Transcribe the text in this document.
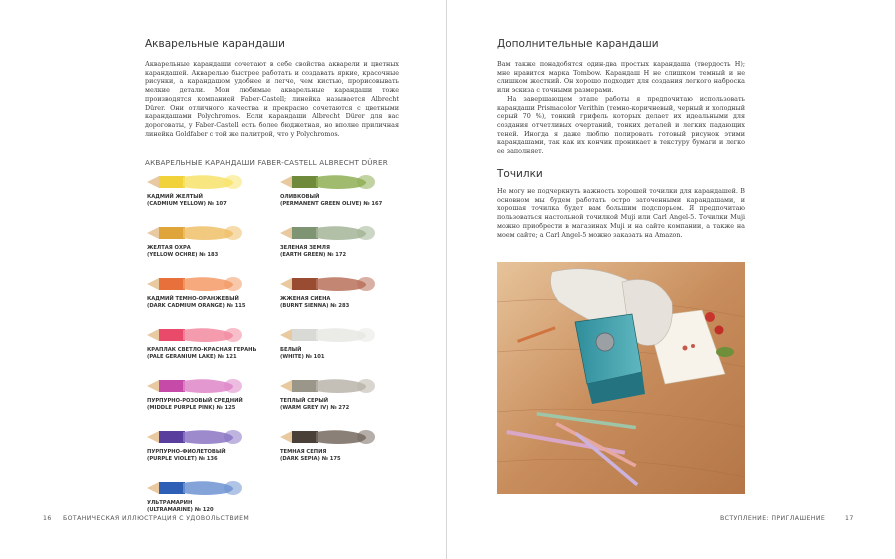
Акварельные карандаши

Акварельные карандаши сочетают в себе свойства акварели и цветных карандашей. Акварелью быстрее работать и создавать яркие, красочные рисунки, а карандашом удобнее и легче, чем кистью, прорисовывать мелкие детали. Мои любимые акварельные карандаши тоже производятся компанией Faber-Castell; линейка называется Albrecht Dürer. Они отличного качества и прекрасно сочетаются с цветными карандашами Polychromos. Если карандаши Albrecht Dürer для вас дороговаты, у Faber-Castell есть более бюджетная, но вполне приличная линейка Goldfaber с той же палитрой, что у Polychromos.

АКВАРЕЛЬНЫЕ КАРАНДАШИ FABER-CASTELL ALBRECHT DÜRER
КАДМИЙ ЖЕЛТЫЙ
(CADMIUM YELLOW) № 107
ОЛИВКОВЫЙ
(PERMANENT GREEN OLIVE) № 167
ЖЕЛТАЯ ОХРА
(YELLOW OCHRE) № 183
ЗЕЛЕНАЯ ЗЕМЛЯ
(EARTH GREEN) № 172
КАДМИЙ ТЕМНО-ОРАНЖЕВЫЙ
(DARK CADMIUM ORANGE) № 115
ЖЖЕНАЯ СИЕНА
(BURNT SIENNA) № 283
КРАПЛАК СВЕТЛО-КРАСНАЯ ГЕРАНЬ
(PALE GERANIUM LAKE) № 121
БЕЛЫЙ
(WHITE) № 101
ПУРПУРНО-РОЗОВЫЙ СРЕДНИЙ
(MIDDLE PURPLE PINK) № 125
ТЕПЛЫЙ СЕРЫЙ
(WARM GREY IV) № 272
ПУРПУРНО-ФИОЛЕТОВЫЙ
(PURPLE VIOLET) № 136
ТЕМНАЯ СЕПИЯ
(DARK SEPIA) № 175
УЛЬТРАМАРИН
(ULTRAMARINE) № 120
16 БОТАНИЧЕСКАЯ ИЛЛЮСТРАЦИЯ С УДОВОЛЬСТВИЕМ
Дополнительные карандаши

Вам также понадобятся один-два простых карандаша (твердость H); мне нравится марка Tombow. Карандаш H не слишком темный и не слишком жесткий. Он хорошо подходит для создания легкого наброска или эскиза с точными размерами.

На завершающем этапе работы я предпочитаю использовать карандаши Prismacolor Verithin (темно-коричневый, черный и холодный серый 70 %), тонкий грифель которых делает их идеальными для создания отчетливых очертаний, тонких деталей и легких падающих теней. Иногда я даже люблю полировать готовый рисунок этими карандашами, так как их кончик проникает в текстуру бумаги и легко ее заполняет.

Точилки

Не могу не подчеркнуть важность хорошей точилки для карандашей. В основном мы будем работать остро заточенными карандашами, и хорошая точилка будет вам большим подспорьем. Я предпочитаю пользоваться настольной точилкой Muji или Carl Angel-5. Точилки Muji можно приобрести в магазинах Muji и на сайте компании, а также на моем сайте; а Carl Angel-5 можно заказать на Amazon.

ВСТУПЛЕНИЕ: ПРИГЛАШЕНИЕ	17
